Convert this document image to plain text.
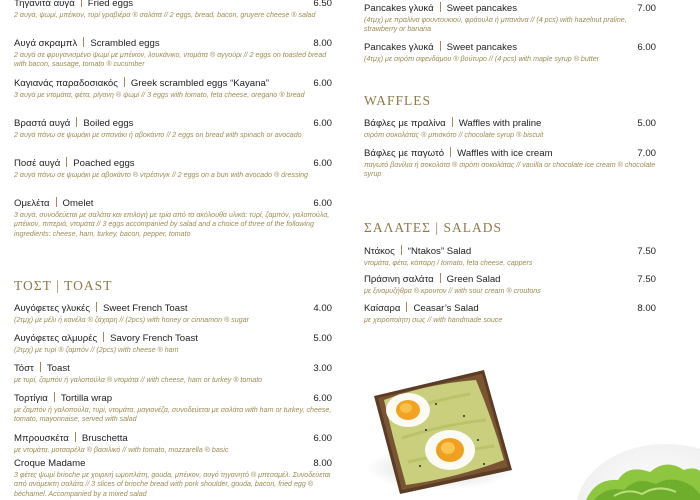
Τηγανιτά αυγά Fried eggs	6.50
2 αυγά, ψωμί, μπέικον, τυρί γραβιέρα ® σαλάτα // 2 eggs, bread, bacon, gruyere cheese ® salad
Αυγά σκραμπλ Scrambled eggs	8.00
2 αυγά σε φρυγανισμένο ψωμί με μπέικον, λουκάνικο, ντομάτα ® αγγούρι // 2 eggs on toasted bread with bacon, sausage, tomato ® cucumber
Καγιανάς παραδοσιακός Greek scrambled eggs “Kayana”	6.00
3 αυγά με ντομάτα, φέτα, ρίγανη ® ψωμί // 3 eggs with tomato, feta cheese, oregano ® bread
Βραστά αυγά Boiled eggs	6.00
2 αυγά πάνω σε ψωμάκι με σπανάκι ή αβοκάντο // 2 eggs on bread with spinach or avocado
Ποσέ αυγά Poached eggs	6.00
2 αυγά πάνω σε ψωμάκι με αβοκάντο ® ντρέσινγκ // 2 eggs on a bun with avocado ® dressing
Ομελέτα Omelet	6.00
3 αυγά, συνοδεύεται με σαλάτα και επιλογή με τρία από τα ακόλουθα υλικά: τυρί, ζαμπόν, γαλοπούλα, μπέικον, πιπεριά, ντομάτα // 3 eggs accompanied by salad and a choice of three of the following ingredients: cheese, ham, turkey, bacon, pepper, tomato
ΤΟΣΤ | TOAST
Αυγόφετες γλυκές Sweet French Toast	4.00
(2τμχ) με μέλι ή κανέλα ® ζάχαρη // (2pcs) with honey or cinnamon ® sugar
Αυγόφετες αλμυρές Savory French Toast	5.00
(2τμχ) με τυρί ® ζαμπόν // (2pcs) with cheese ® ham
Τόστ Toast	3.00
με τυρί, ζαμπόν ή γαλοπούλα ® ντομάτα // with cheese, ham or turkey ® tomato
Τορτίγια Tortilla wrap	6.00
με ζαμπόν ή γαλοπούλα, τυρί, ντομάτα, μαγιονέζα, συνοδεύεται με σαλάτα with ham or turkey, cheese, tomato, mayonnaise, served with salad
Μπρουσκέτα Bruschetta	6.00
με ντομάτα, μοτσαρέλα ® βασιλικό // with tomato, mozzarella ® basic
Croque Madame	8.00
3 φέτες ψωμί brioche με χοιρινή ωμοπλάτη, gouda, μπέικον, αυγό τηγανητό ® μπεσαμέλ. Συνοδεύεται από ανάμεικτη σαλάτα // 3 slices of brioche bread with pork shoulder, gouda, bacon, fried egg ® béchamel. Accompanied by a mixed salad
Pancakes γλυκά Sweet pancakes	7.00
(4τμχ) με πραλίνα φουντουκιού, φράουλα ή μπανάνα // (4 pcs) with hazelnut praline, strawberry or banana
Pancakes γλυκά Sweet pancakes	6.00
(4τμχ) με σιρόπι σφενδάμου ® βούτυρο // (4 pcs) with maple syrup ® butter
WAFFLES
Βάφλες με πραλίνα Waffles with praline	5.00
σιρόπι σοκολάτας ® μπισκότο // chocolate syrup ® biscuit
Βάφλες με παγωτό Waffles with ice cream	7.00
παγωτό βανίλια ή σοκολάτα ® σιρόπι σοκολάτας // vanilla or chocolate ice cream ® chocolate syrup
ΣΑΛΑΤΕΣ | SALADS
Ντάκος “Ntakos” Salad	7.50
ντομάτα, φέτα, κάπαρη / tomato, feta cheese, cappers
Πράσινη σαλάτα Green Salad	7.50
με ξινομυζήθρα ® κρουτον // with sour cream ® croutons
Καίσαρα Ceasar’s Salad	8.00
με χειροποίητη σως // with handmade souce
